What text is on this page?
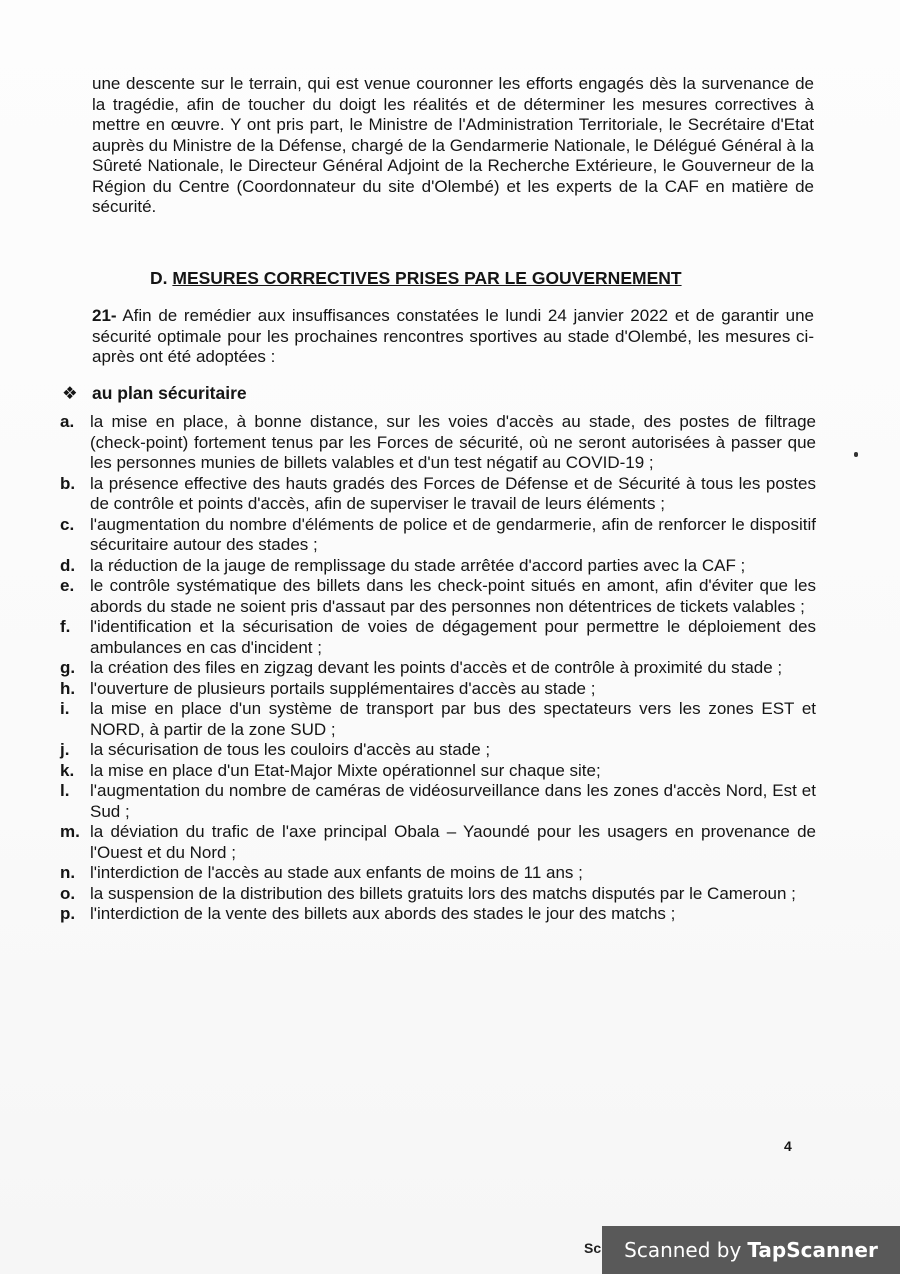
une descente sur le terrain, qui est venue couronner les efforts engagés dès la survenance de la tragédie, afin de toucher du doigt les réalités et de déterminer les mesures correctives à mettre en œuvre. Y ont pris part, le Ministre de l'Administration Territoriale, le Secrétaire d'Etat auprès du Ministre de la Défense, chargé de la Gendarmerie Nationale, le Délégué Général à la Sûreté Nationale, le Directeur Général Adjoint de la Recherche Extérieure, le Gouverneur de la Région du Centre (Coordonnateur du site d'Olembé) et les experts de la CAF en matière de sécurité.

D. MESURES CORRECTIVES PRISES PAR LE GOUVERNEMENT

21- Afin de remédier aux insuffisances constatées le lundi 24 janvier 2022 et de garantir une sécurité optimale pour les prochaines rencontres sportives au stade d'Olembé, les mesures ci-après ont été adoptées :

❖ au plan sécuritaire

a. la mise en place, à bonne distance, sur les voies d'accès au stade, des postes de filtrage (check-point) fortement tenus par les Forces de sécurité, où ne seront autorisées à passer que les personnes munies de billets valables et d'un test négatif au COVID-19 ;
b. la présence effective des hauts gradés des Forces de Défense et de Sécurité à tous les postes de contrôle et points d'accès, afin de superviser le travail de leurs éléments ;
c. l'augmentation du nombre d'éléments de police et de gendarmerie, afin de renforcer le dispositif sécuritaire autour des stades ;
d. la réduction de la jauge de remplissage du stade arrêtée d'accord parties avec la CAF ;
e. le contrôle systématique des billets dans les check-point situés en amont, afin d'éviter que les abords du stade ne soient pris d'assaut par des personnes non détentrices de tickets valables ;
f. l'identification et la sécurisation de voies de dégagement pour permettre le déploiement des ambulances en cas d'incident ;
g. la création des files en zigzag devant les points d'accès et de contrôle à proximité du stade ;
h. l'ouverture de plusieurs portails supplémentaires d'accès au stade ;
i. la mise en place d'un système de transport par bus des spectateurs vers les zones EST et NORD, à partir de la zone SUD ;
j. la sécurisation de tous les couloirs d'accès au stade ;
k. la mise en place d'un Etat-Major Mixte opérationnel sur chaque site;
l. l'augmentation du nombre de caméras de vidéosurveillance dans les zones d'accès Nord, Est et Sud ;
m. la déviation du trafic de l'axe principal Obala – Yaoundé pour les usagers en provenance de l'Ouest et du Nord ;
n. l'interdiction de l'accès au stade aux enfants de moins de 11 ans ;
o. la suspension de la distribution des billets gratuits lors des matchs disputés par le Cameroun ;
p. l'interdiction de la vente des billets aux abords des stades le jour des matchs ;

4

Sc Scanned by TapScanner
